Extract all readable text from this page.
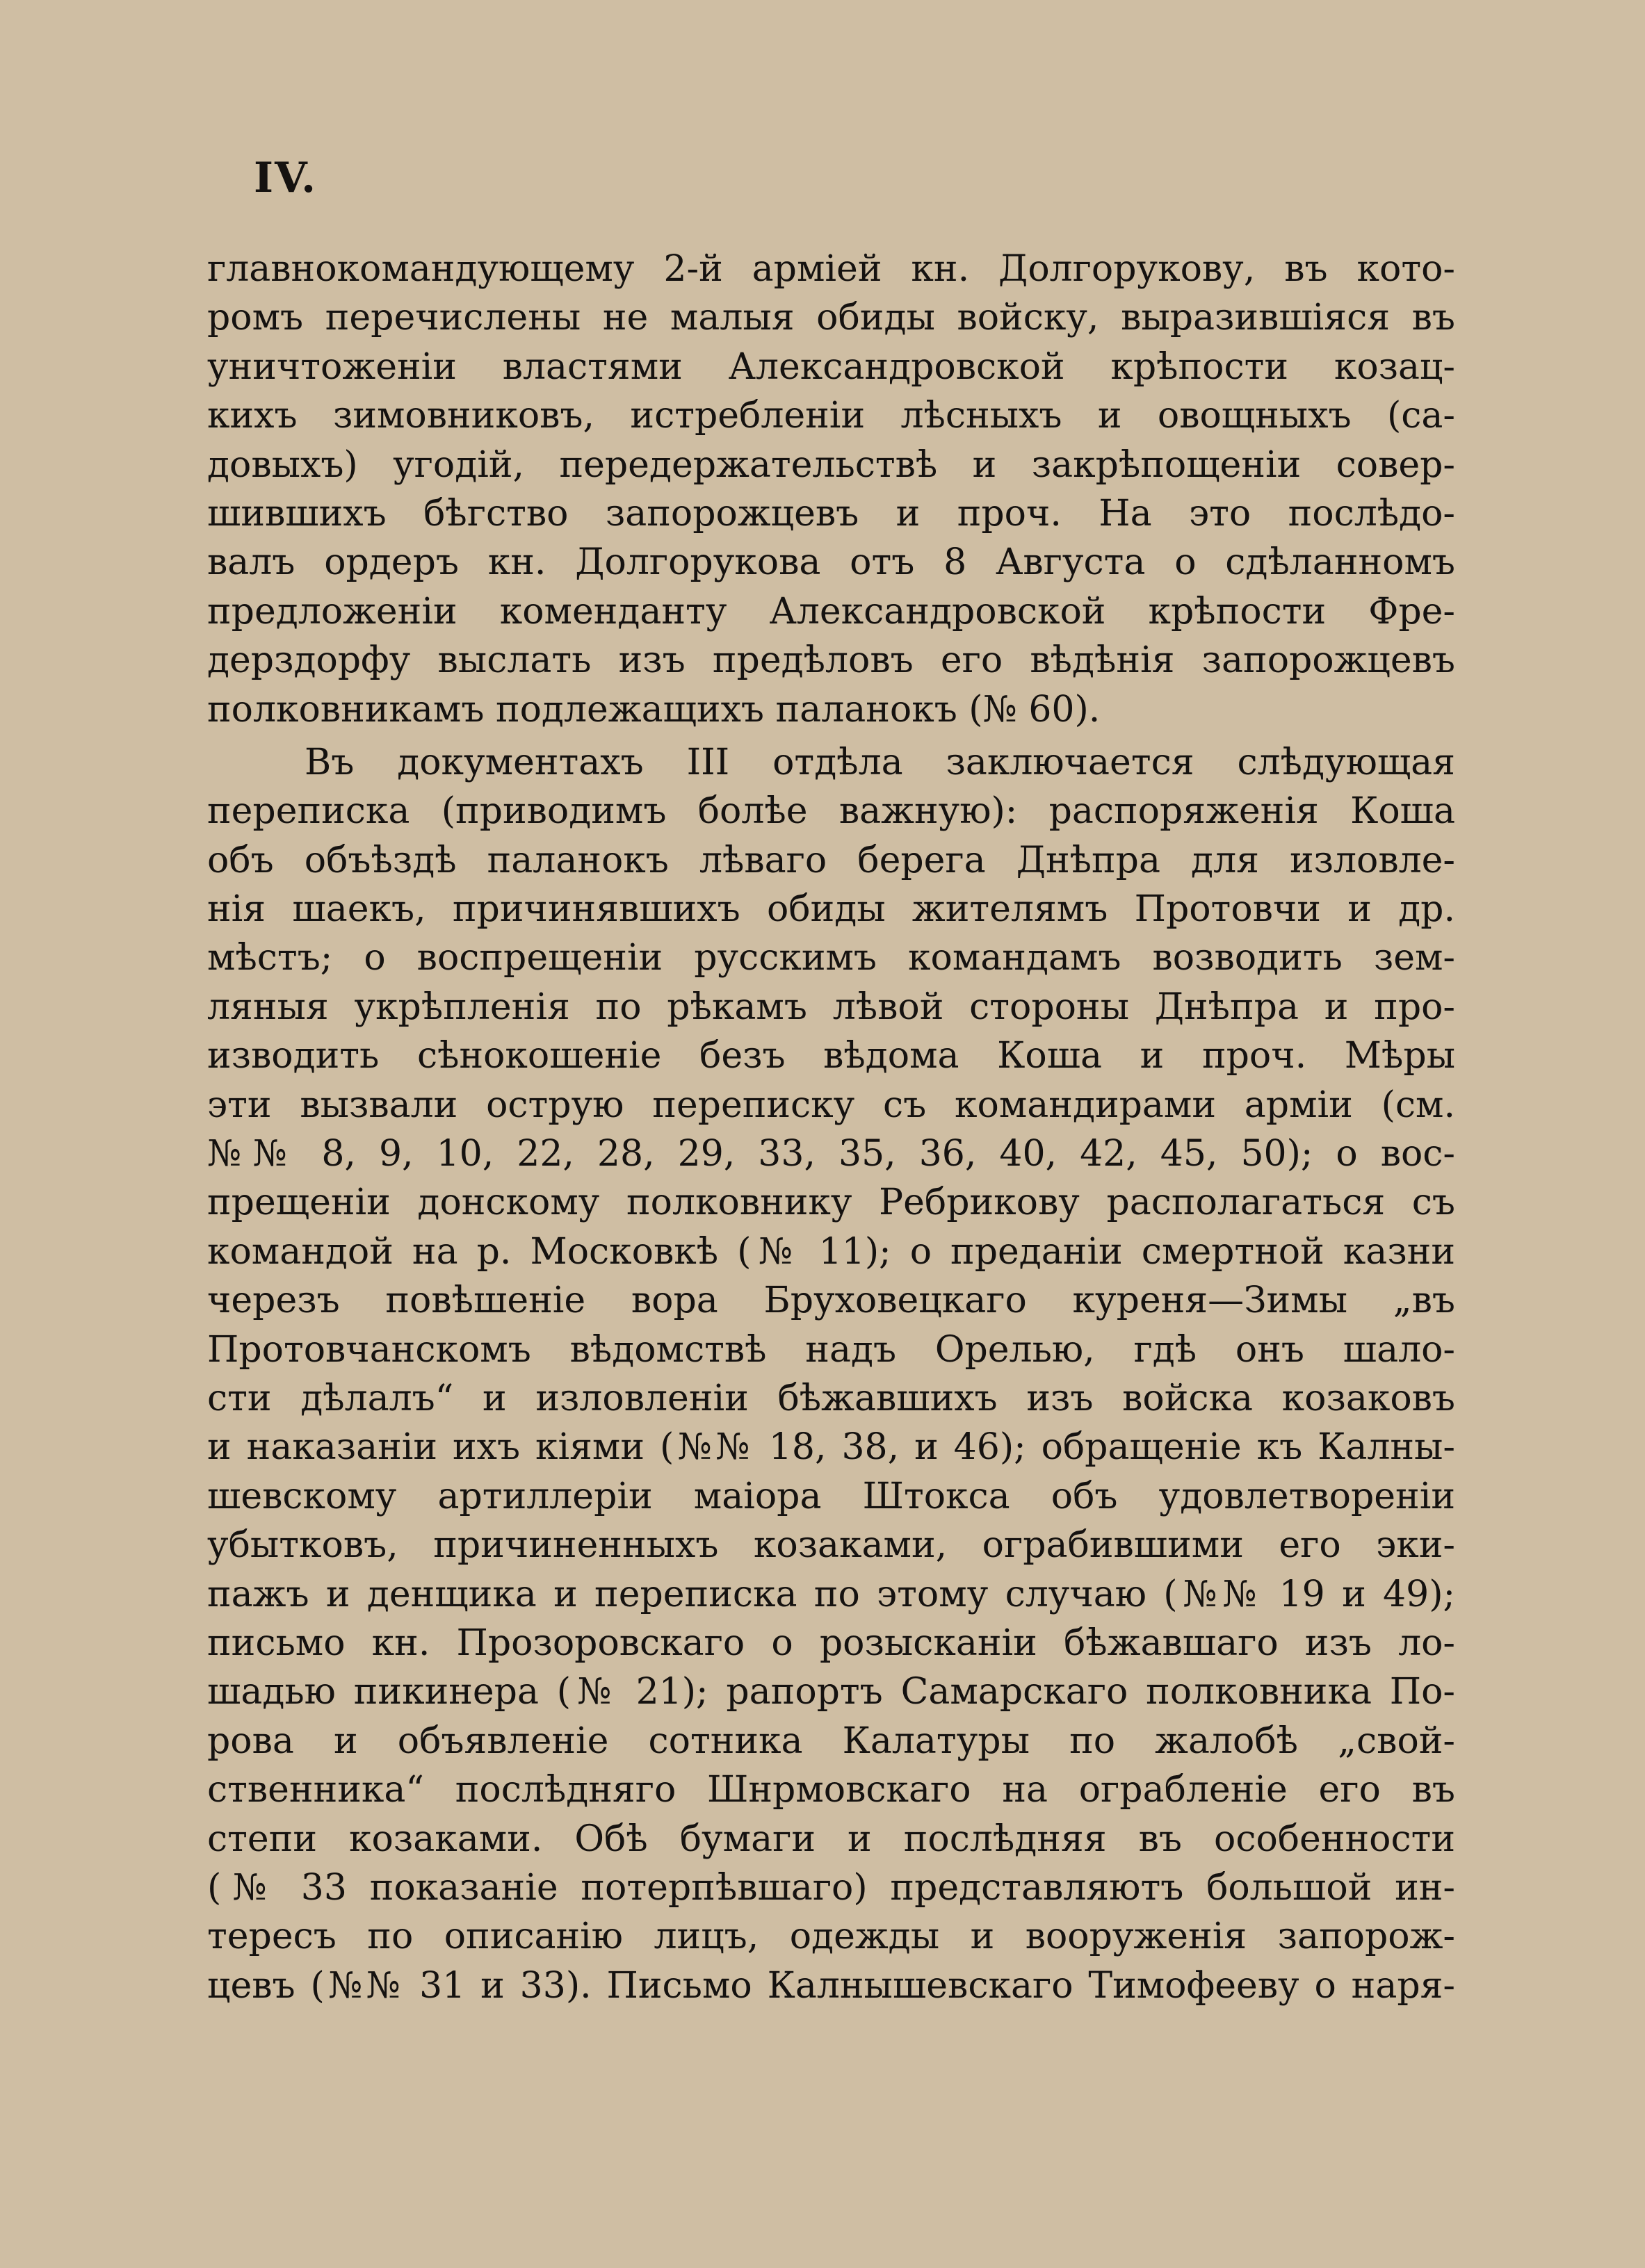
IV.
главнокомандующему 2-й арміей кн. Долгорукову, въ кото-
ромъ перечислены не малыя обиды войску, выразившіяся въ
уничтоженіи властями Александровской крѣпости козац-
кихъ зимовниковъ, истребленіи лѣсныхъ и овощныхъ (са-
довыхъ) угодій, передержательствѣ и закрѣпощеніи совер-
шившихъ бѣгство запорожцевъ и проч. На это послѣдо-
валъ ордеръ кн. Долгорукова отъ 8 Августа о сдѣланномъ
предложеніи коменданту Александровской крѣпости Фре-
дерздорфу выслать изъ предѣловъ его вѣдѣнія запорожцевъ
полковникамъ подлежащихъ паланокъ (№ 60).
Въ документахъ III отдѣла заключается слѣдующая
переписка (приводимъ болѣе важную): распоряженія Коша
объ объѣздѣ паланокъ лѣваго берега Днѣпра для изловле-
нія шаекъ, причинявшихъ обиды жителямъ Протовчи и др.
мѣстъ; о воспрещеніи русскимъ командамъ возводить зем-
ляныя укрѣпленія по рѣкамъ лѣвой стороны Днѣпра и про-
изводить сѣнокошеніе безъ вѣдома Коша и проч. Мѣры
эти вызвали острую переписку съ командирами арміи (см.
№№ 8, 9, 10, 22, 28, 29, 33, 35, 36, 40, 42, 45, 50); о вос-
прещеніи донскому полковнику Ребрикову располагаться съ
командой на р. Московкѣ (№ 11); о преданіи смертной казни
черезъ повѣшеніе вора Бруховецкаго куреня—Зимы „въ
Протовчанскомъ вѣдомствѣ надъ Орелью, гдѣ онъ шало-
сти дѣлалъ“ и изловленіи бѣжавшихъ изъ войска козаковъ
и наказаніи ихъ кіями (№№ 18, 38, и 46); обращеніе къ Калны-
шевскому артиллеріи маіора Штокса объ удовлетвореніи
убытковъ, причиненныхъ козаками, ограбившими его эки-
пажъ и денщика и переписка по этому случаю (№№ 19 и 49);
письмо кн. Прозоровскаго о розысканіи бѣжавшаго изъ ло-
шадью пикинера (№ 21); рапортъ Самарскаго полковника По-
рова и объявленіе сотника Калатуры по жалобѣ „свой-
ственника“ послѣдняго Шнрмовскаго на ограбленіе его въ
степи козаками. Обѣ бумаги и послѣдняя въ особенности
(№ 33 показаніе потерпѣвшаго) представляютъ большой ин-
тересъ по описанію лицъ, одежды и вооруженія запорож-
цевъ (№№ 31 и 33). Письмо Калнышевскаго Тимофееву о наря-
